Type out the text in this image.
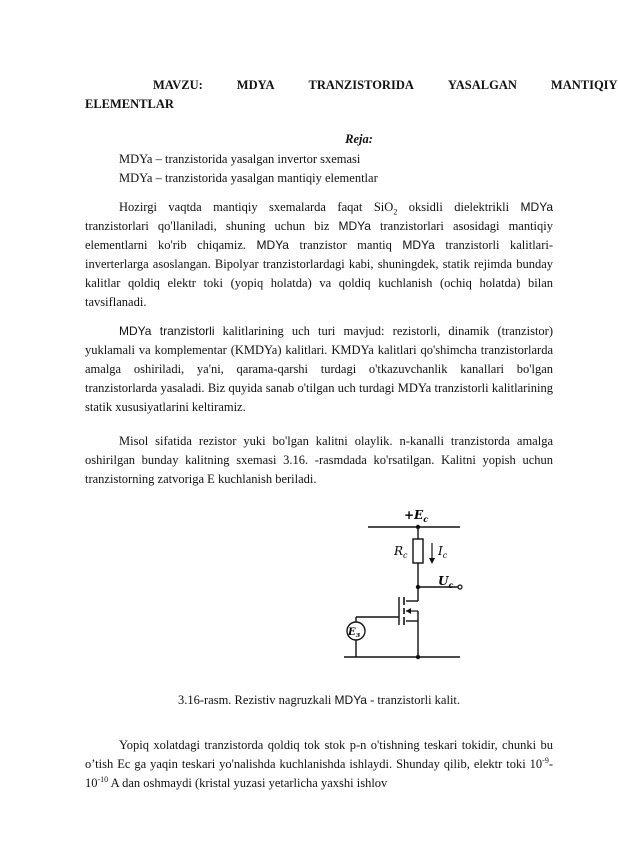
MAVZU:	MDYA	TRANZISTORIDA	YASALGAN	MANTIQIY
ELEMENTLAR
Reja:
MDYa – tranzistorida yasalgan invertor sxemasi
MDYa – tranzistorida yasalgan mantiqiy elementlar
Hozirgi vaqtda mantiqiy sxemalarda faqat SiO$_2$ oksidli dielektrikli MDYa tranzistorlari qo'llaniladi, shuning uchun biz MDYa tranzistorlari asosidagi mantiqiy elementlarni ko'rib chiqamiz. MDYa tranzistor mantiq MDYa tranzistorli kalitlari-inverterlarga asoslangan. Bipolyar tranzistorlardagi kabi, shuningdek, statik rejimda bunday kalitlar qoldiq elektr toki (yopiq holatda) va qoldiq kuchlanish (ochiq holatda) bilan tavsiflanadi.
MDYa tranzistorli kalitlarining uch turi mavjud: rezistorli, dinamik (tranzistor) yuklamali va komplementar (KMDYa) kalitlari. KMDYa kalitlari qo'shimcha tranzistorlarda amalga oshiriladi, ya'ni, qarama-qarshi turdagi o'tkazuvchanlik kanallari bo'lgan tranzistorlarda yasaladi. Biz quyida sanab o'tilgan uch turdagi MDYa tranzistorli kalitlarining statik xususiyatlarini keltiramiz.
Misol sifatida rezistor yuki bo'lgan kalitni olaylik. n-kanalli tranzistorda amalga oshirilgan bunday kalitning sxemasi 3.16. -rasmdada ko'rsatilgan. Kalitni yopish uchun tranzistorning zatvoriga E kuchlanish beriladi.
$+E_c$
$R_c$	$I_c$
$U_c$
$E_з$
3.16-rasm. Rezistiv nagruzkali MDYa - tranzistorli kalit.
Yopiq xolatdagi tranzistorda qoldiq tok stok p-n o'tishning teskari tokidir, chunki bu o’tish Ec ga yaqin teskari yo'nalishda kuchlanishda ishlaydi. Shunday qilib, elektr toki $10^{-9}-$ $10^{-10}$ A dan oshmaydi (kristal yuzasi yetarlicha yaxshi ishlov
